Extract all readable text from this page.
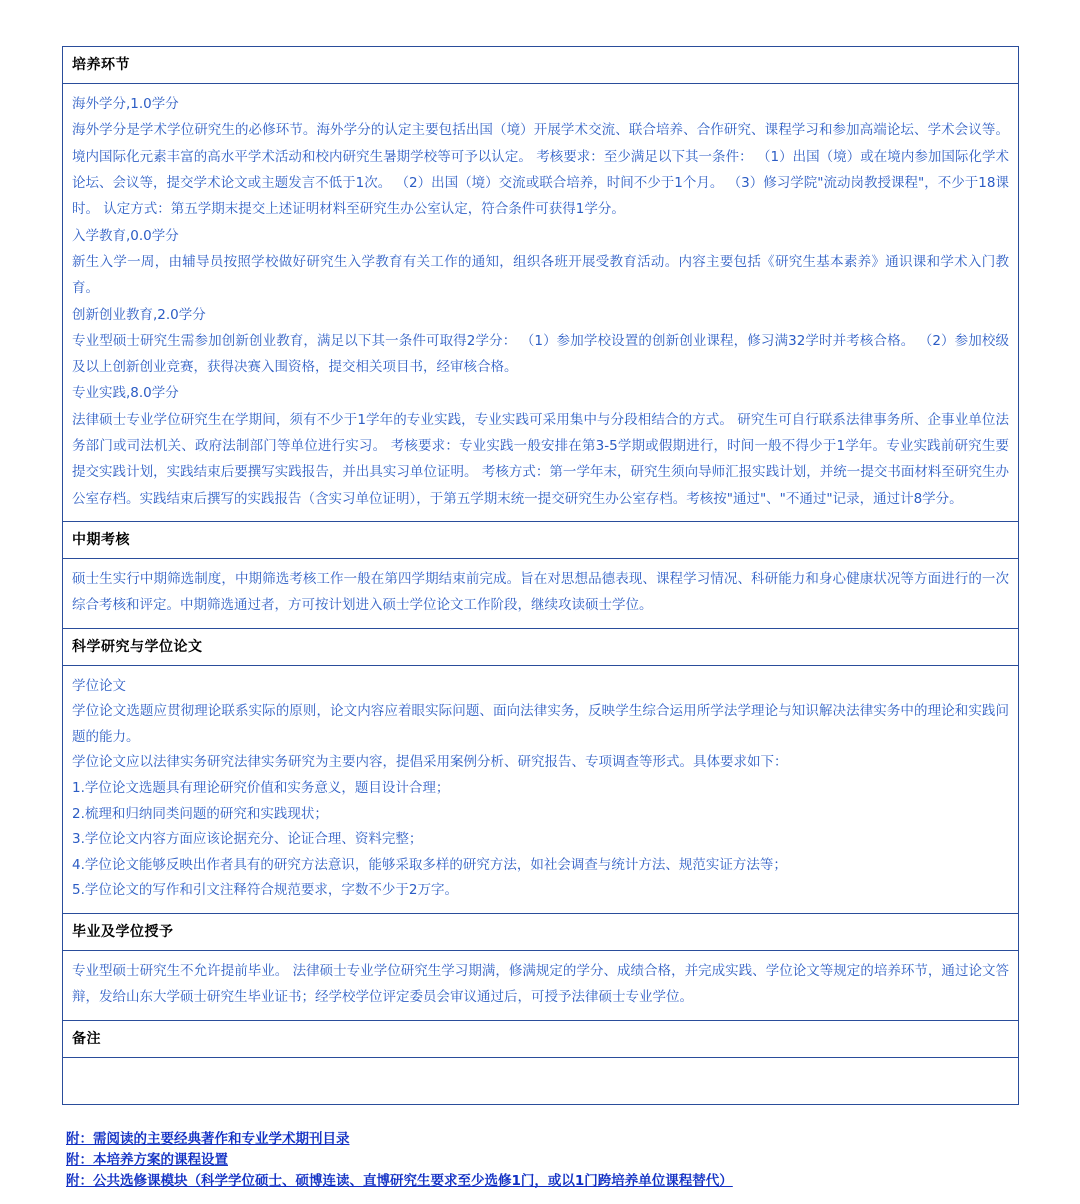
培养环节

海外学分,1.0学分

海外学分是学术学位研究生的必修环节。海外学分的认定主要包括出国（境）开展学术交流、联合培养、合作研究、课程学习和参加高端论坛、学术会议等。境内国际化元素丰富的高水平学术活动和校内研究生暑期学校等可予以认定。 考核要求：至少满足以下其一条件： （1）出国（境）或在境内参加国际化学术论坛、会议等，提交学术论文或主题发言不低于1次。 （2）出国（境）交流或联合培养，时间不少于1个月。 （3）修习学院"流动岗教授课程"，不少于18课时。 认定方式：第五学期末提交上述证明材料至研究生办公室认定，符合条件可获得1学分。

入学教育,0.0学分

新生入学一周，由辅导员按照学校做好研究生入学教育有关工作的通知，组织各班开展受教育活动。内容主要包括《研究生基本素养》通识课和学术入门教育。

创新创业教育,2.0学分

专业型硕士研究生需参加创新创业教育，满足以下其一条件可取得2学分： （1）参加学校设置的创新创业课程，修习满32学时并考核合格。 （2）参加校级及以上创新创业竞赛，获得决赛入围资格，提交相关项目书，经审核合格。

专业实践,8.0学分

法律硕士专业学位研究生在学期间，须有不少于1学年的专业实践，专业实践可采用集中与分段相结合的方式。 研究生可自行联系法律事务所、企事业单位法务部门或司法机关、政府法制部门等单位进行实习。 考核要求：专业实践一般安排在第3-5学期或假期进行，时间一般不得少于1学年。专业实践前研究生要提交实践计划，实践结束后要撰写实践报告，并出具实习单位证明。 考核方式：第一学年末，研究生须向导师汇报实践计划，并统一提交书面材料至研究生办公室存档。实践结束后撰写的实践报告（含实习单位证明），于第五学期末统一提交研究生办公室存档。考核按"通过"、"不通过"记录，通过计8学分。

中期考核

硕士生实行中期筛选制度，中期筛选考核工作一般在第四学期结束前完成。旨在对思想品德表现、课程学习情况、科研能力和身心健康状况等方面进行的一次综合考核和评定。中期筛选通过者，方可按计划进入硕士学位论文工作阶段，继续攻读硕士学位。

科学研究与学位论文

学位论文

学位论文选题应贯彻理论联系实际的原则，论文内容应着眼实际问题、面向法律实务，反映学生综合运用所学法学理论与知识解决法律实务中的理论和实践问题的能力。

学位论文应以法律实务研究法律实务研究为主要内容，提倡采用案例分析、研究报告、专项调查等形式。具体要求如下：

1.学位论文选题具有理论研究价值和实务意义，题目设计合理；

2.梳理和归纳同类问题的研究和实践现状；

3.学位论文内容方面应该论据充分、论证合理、资料完整；

4.学位论文能够反映出作者具有的研究方法意识，能够采取多样的研究方法，如社会调查与统计方法、规范实证方法等；

5.学位论文的写作和引文注释符合规范要求，字数不少于2万字。

毕业及学位授予

专业型硕士研究生不允许提前毕业。 法律硕士专业学位研究生学习期满，修满规定的学分、成绩合格，并完成实践、学位论文等规定的培养环节，通过论文答辩，发给山东大学硕士研究生毕业证书；经学校学位评定委员会审议通过后，可授予法律硕士专业学位。

备注

附：需阅读的主要经典著作和专业学术期刊目录
附：本培养方案的课程设置
附：公共选修课模块（科学学位硕士、硕博连读、直博研究生要求至少选修1门，或以1门跨培养单位课程替代）
